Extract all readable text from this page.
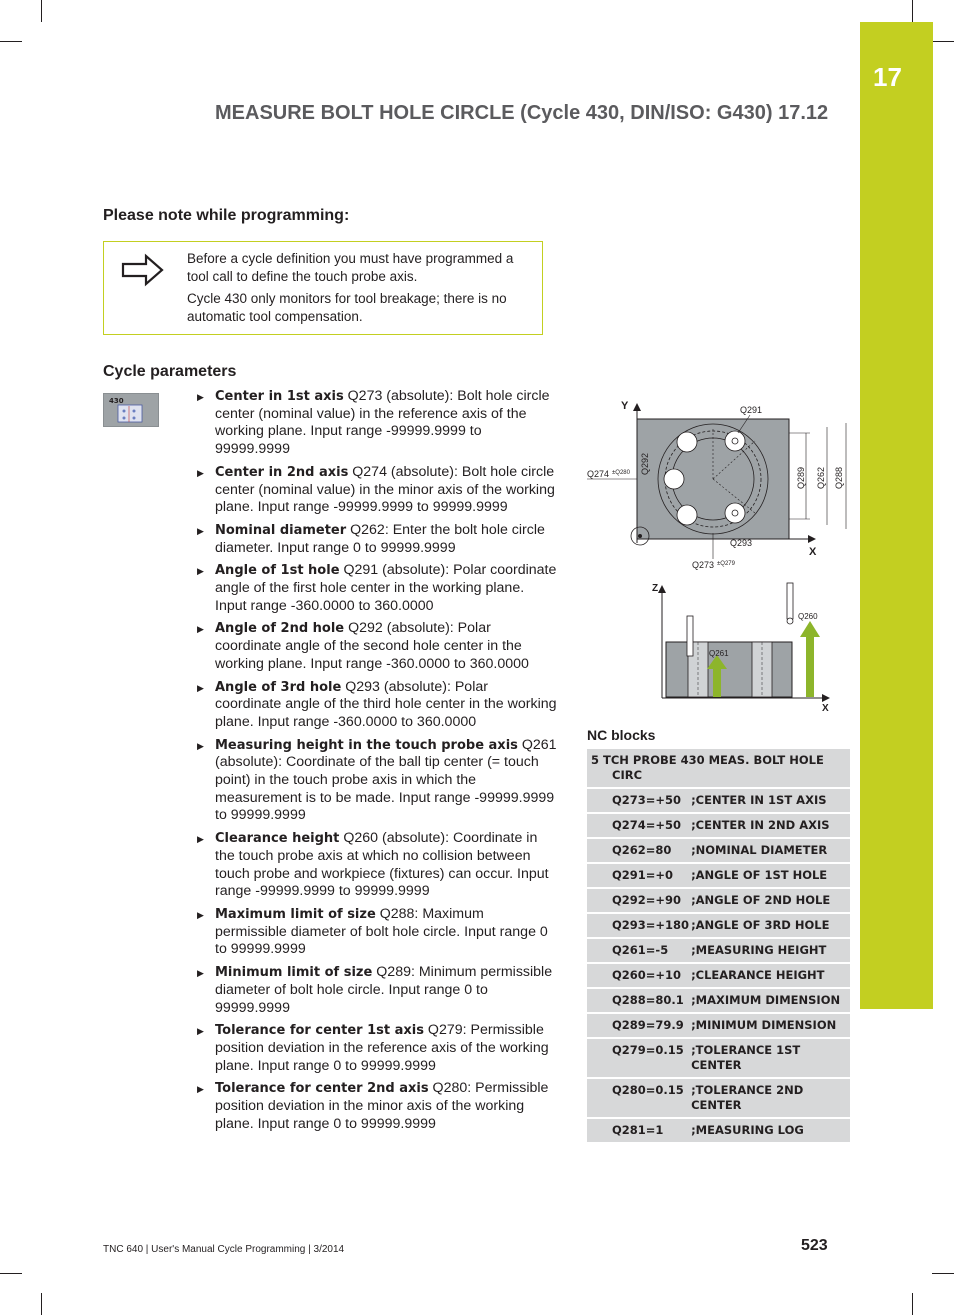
17
MEASURE BOLT HOLE CIRCLE (Cycle 430, DIN/ISO: G430) 17.12
Please note while programming:

Before a cycle definition you must have programmed a tool call to define the touch probe axis.

Cycle 430 only monitors for tool breakage; there is no automatic tool compensation.

Cycle parameters
430	▶ Center in 1st axis Q273 (absolute): Bolt hole circle center (nominal value) in the reference axis of the working plane. Input range -99999.9999 to 99999.9999
▶ Center in 2nd axis Q274 (absolute): Bolt hole circle center (nominal value) in the minor axis of the working plane. Input range -99999.9999 to 99999.9999
▶ Nominal diameter Q262: Enter the bolt hole circle diameter. Input range 0 to 99999.9999
▶ Angle of 1st hole Q291 (absolute): Polar coordinate angle of the first hole center in the working plane. Input range -360.0000 to 360.0000
▶ Angle of 2nd hole Q292 (absolute): Polar coordinate angle of the second hole center in the working plane. Input range -360.0000 to 360.0000
▶ Angle of 3rd hole Q293 (absolute): Polar coordinate angle of the third hole center in the working plane. Input range -360.0000 to 360.0000
▶ Measuring height in the touch probe axis Q261 (absolute): Coordinate of the ball tip center (= touch point) in the touch probe axis in which the measurement is to be made. Input range -99999.9999 to 99999.9999
▶ Clearance height Q260 (absolute): Coordinate in the touch probe axis at which no collision between touch probe and workpiece (fixtures) can occur. Input range -99999.9999 to 99999.9999
▶ Maximum limit of size Q288: Maximum permissible diameter of bolt hole circle. Input range 0 to 99999.9999
▶ Minimum limit of size Q289: Minimum permissible diameter of bolt hole circle. Input range 0 to 99999.9999
▶ Tolerance for center 1st axis Q279: Permissible position deviation in the reference axis of the working plane. Input range 0 to 99999.9999
▶ Tolerance for center 2nd axis Q280: Permissible position deviation in the minor axis of the working plane. Input range 0 to 99999.9999
Y
X
Q291
Q292
Q293
Q274 ±Q280
Q273 ±Q279
Q289 Q262 Q288
Z
X
Q261
Q260
NC blocks
5 TCH PROBE 430 MEAS. BOLT HOLE CIRC	

Q273=+50	;CENTER IN 1ST AXIS
Q274=+50	;CENTER IN 2ND AXIS
Q262=80	;NOMINAL DIAMETER
Q291=+0	;ANGLE OF 1ST HOLE
Q292=+90	;ANGLE OF 2ND HOLE
Q293=+180	;ANGLE OF 3RD HOLE
Q261=-5	;MEASURING HEIGHT
Q260=+10	;CLEARANCE HEIGHT
Q288=80.1	;MAXIMUM DIMENSION
Q289=79.9	;MINIMUM DIMENSION
Q279=0.15	;TOLERANCE 1ST CENTER
Q280=0.15	;TOLERANCE 2ND CENTER
Q281=1	;MEASURING LOG
TNC 640 | User's Manual Cycle Programming | 3/2014	523
